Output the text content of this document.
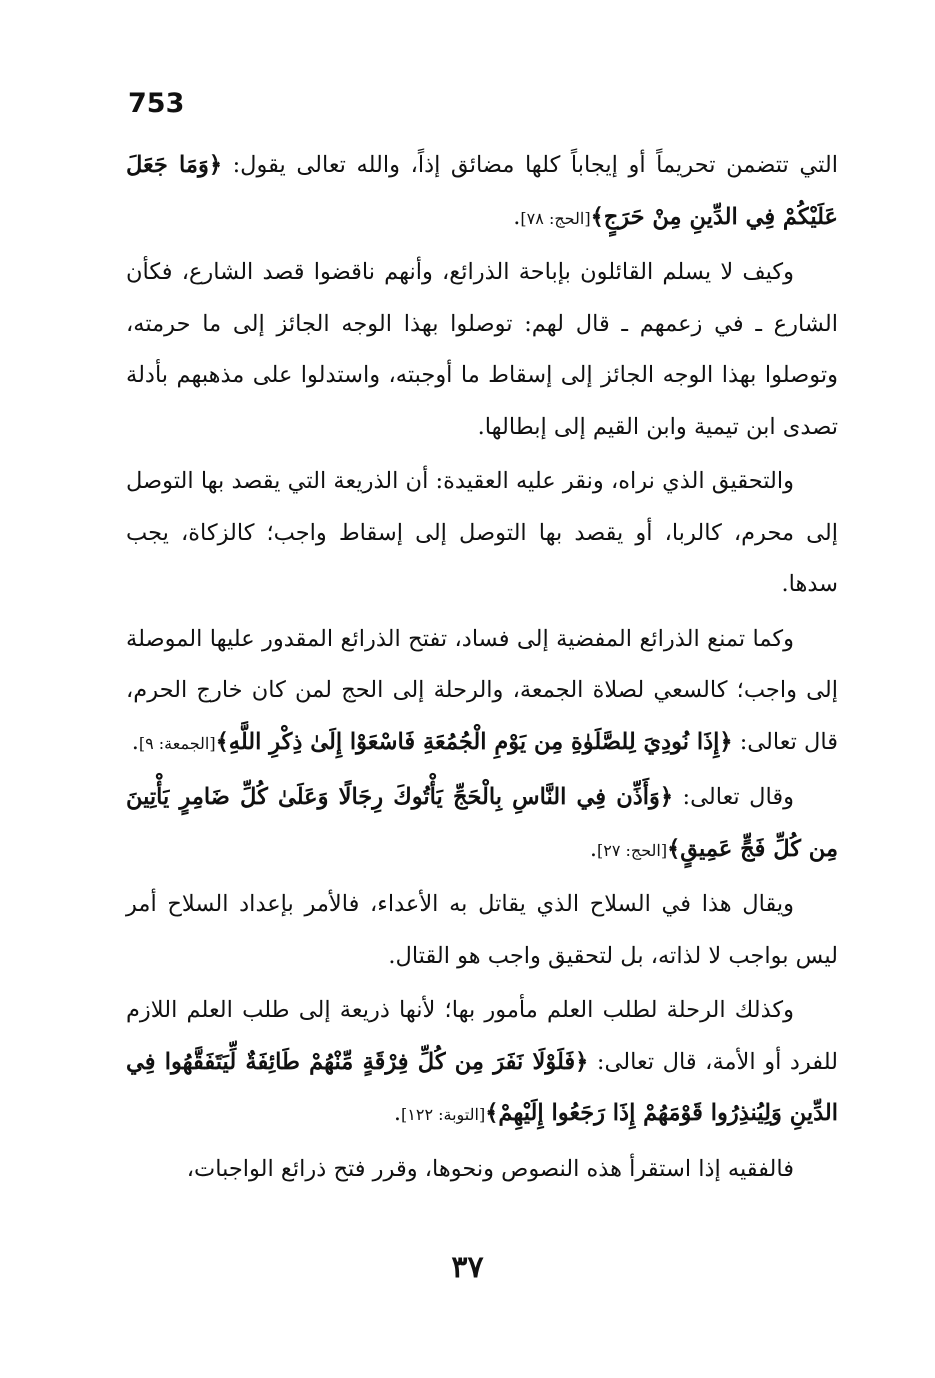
753

التي تتضمن تحريماً أو إيجاباً كلها مضائق إذاً، والله تعالى يقول: ﴿وَمَا جَعَلَ عَلَيْكُمْ فِي الدِّينِ مِنْ حَرَجٍ﴾[الحج: ٧٨].

وكيف لا يسلم القائلون بإباحة الذرائع، وأنهم ناقضوا قصد الشارع، فكأن الشارع ـ في زعمهم ـ قال لهم: توصلوا بهذا الوجه الجائز إلى ما حرمته، وتوصلوا بهذا الوجه الجائز إلى إسقاط ما أوجبته، واستدلوا على مذهبهم بأدلة تصدى ابن تيمية وابن القيم إلى إبطالها.

والتحقيق الذي نراه، ونقر عليه العقيدة: أن الذريعة التي يقصد بها التوصل إلى محرم، كالربا، أو يقصد بها التوصل إلى إسقاط واجب؛ كالزكاة، يجب سدها.

وكما تمنع الذرائع المفضية إلى فساد، تفتح الذرائع المقدور عليها الموصلة إلى واجب؛ كالسعي لصلاة الجمعة، والرحلة إلى الحج لمن كان خارج الحرم، قال تعالى: ﴿إِذَا نُودِيَ لِلصَّلَوٰةِ مِن يَوْمِ الْجُمُعَةِ فَاسْعَوْا إِلَىٰ ذِكْرِ اللَّهِ﴾[الجمعة: ٩].

وقال تعالى: ﴿وَأَذِّن فِي النَّاسِ بِالْحَجِّ يَأْتُوكَ رِجَالًا وَعَلَىٰ كُلِّ ضَامِرٍ يَأْتِينَ مِن كُلِّ فَجٍّ عَمِيقٍ﴾[الحج: ٢٧].

ويقال هذا في السلاح الذي يقاتل به الأعداء، فالأمر بإعداد السلاح أمر ليس بواجب لا لذاته، بل لتحقيق واجب هو القتال.

وكذلك الرحلة لطلب العلم مأمور بها؛ لأنها ذريعة إلى طلب العلم اللازم للفرد أو الأمة، قال تعالى: ﴿فَلَوْلَا نَفَرَ مِن كُلِّ فِرْقَةٍ مِّنْهُمْ طَائِفَةٌ لِّيَتَفَقَّهُوا فِي الدِّينِ وَلِيُنذِرُوا قَوْمَهُمْ إِذَا رَجَعُوا إِلَيْهِمْ﴾[التوبة: ١٢٢].

فالفقيه إذا استقرأ هذه النصوص ونحوها، وقرر فتح ذرائع الواجبات،

٣٧
